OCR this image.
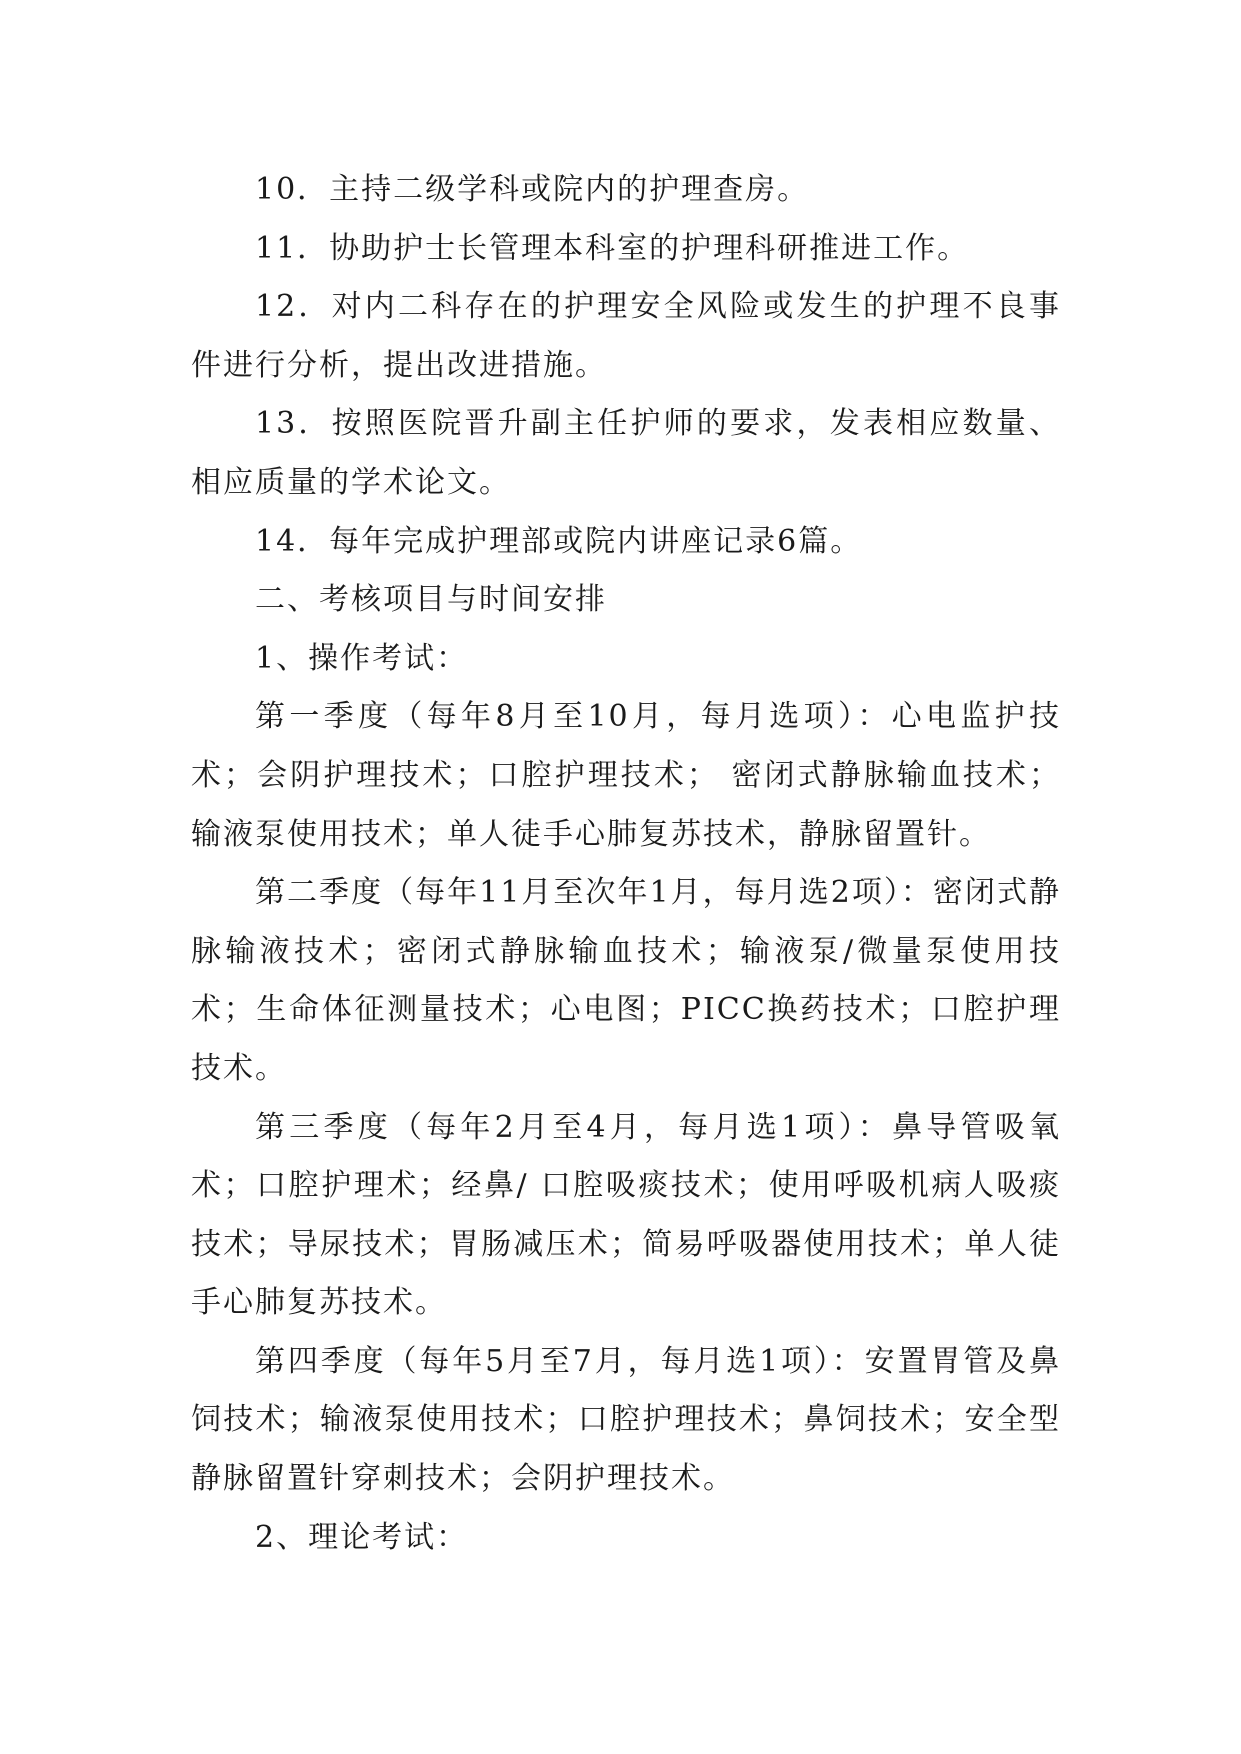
10．主持二级学科或院内的护理查房。

11．协助护士长管理本科室的护理科研推进工作。

12．对内二科存在的护理安全风险或发生的护理不良事件进行分析，提出改进措施。

13．按照医院晋升副主任护师的要求，发表相应数量、相应质量的学术论文。

14．每年完成护理部或院内讲座记录6篇。

二、考核项目与时间安排

1、操作考试：

第一季度（每年8月至10月，每月选项）：心电监护技术；会阴护理技术；口腔护理技术； 密闭式静脉输血技术；输液泵使用技术；单人徒手心肺复苏技术，静脉留置针。

第二季度（每年11月至次年1月，每月选2项）：密闭式静脉输液技术；密闭式静脉输血技术；输液泵/微量泵使用技术；生命体征测量技术；心电图；PICC换药技术；口腔护理技术。

第三季度（每年2月至4月，每月选1项）：鼻导管吸氧术；口腔护理术；经鼻/ 口腔吸痰技术；使用呼吸机病人吸痰技术；导尿技术；胃肠减压术；简易呼吸器使用技术；单人徒手心肺复苏技术。

第四季度（每年5月至7月，每月选1项）：安置胃管及鼻饲技术；输液泵使用技术；口腔护理技术；鼻饲技术；安全型静脉留置针穿刺技术；会阴护理技术。

2、理论考试：
